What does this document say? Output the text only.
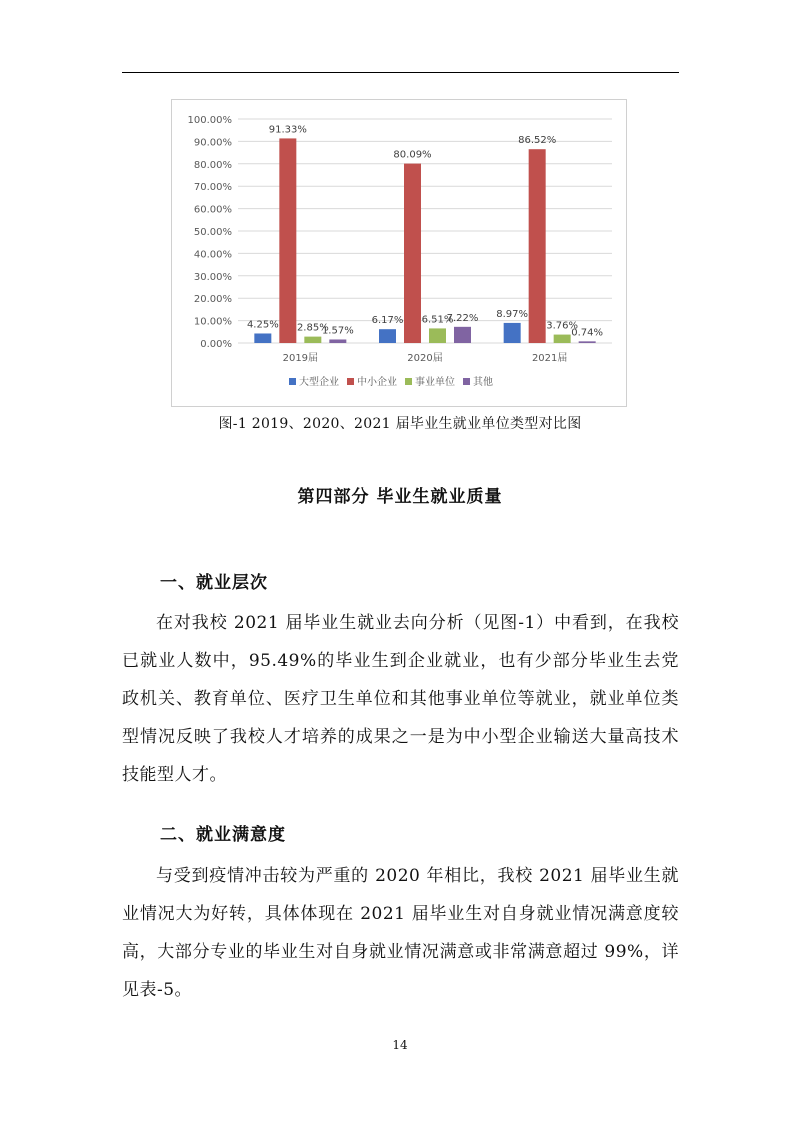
0.00%
10.00%
20.00%
30.00%
40.00%
50.00%
60.00%
70.00%
80.00%
90.00%
100.00%
4.25%
91.33%
2.85%
1.57%
2019届
6.17%
80.09%
6.51%
7.22%
2020届
8.97%
86.52%
3.76%
0.74%
2021届
大型企业 中小企业 事业单位 其他
图-1 2019、2020、2021 届毕业生就业单位类型对比图
第四部分 毕业生就业质量
一、就业层次
在对我校 2021 届毕业生就业去向分析（见图-1）中看到，在我校已就业人数中，95.49%的毕业生到企业就业，也有少部分毕业生去党政机关、教育单位、医疗卫生单位和其他事业单位等就业，就业单位类型情况反映了我校人才培养的成果之一是为中小型企业输送大量高技术技能型人才。
二、就业满意度
与受到疫情冲击较为严重的 2020 年相比，我校 2021 届毕业生就业情况大为好转，具体体现在 2021 届毕业生对自身就业情况满意度较高，大部分专业的毕业生对自身就业情况满意或非常满意超过 99%，详见表-5。
14
